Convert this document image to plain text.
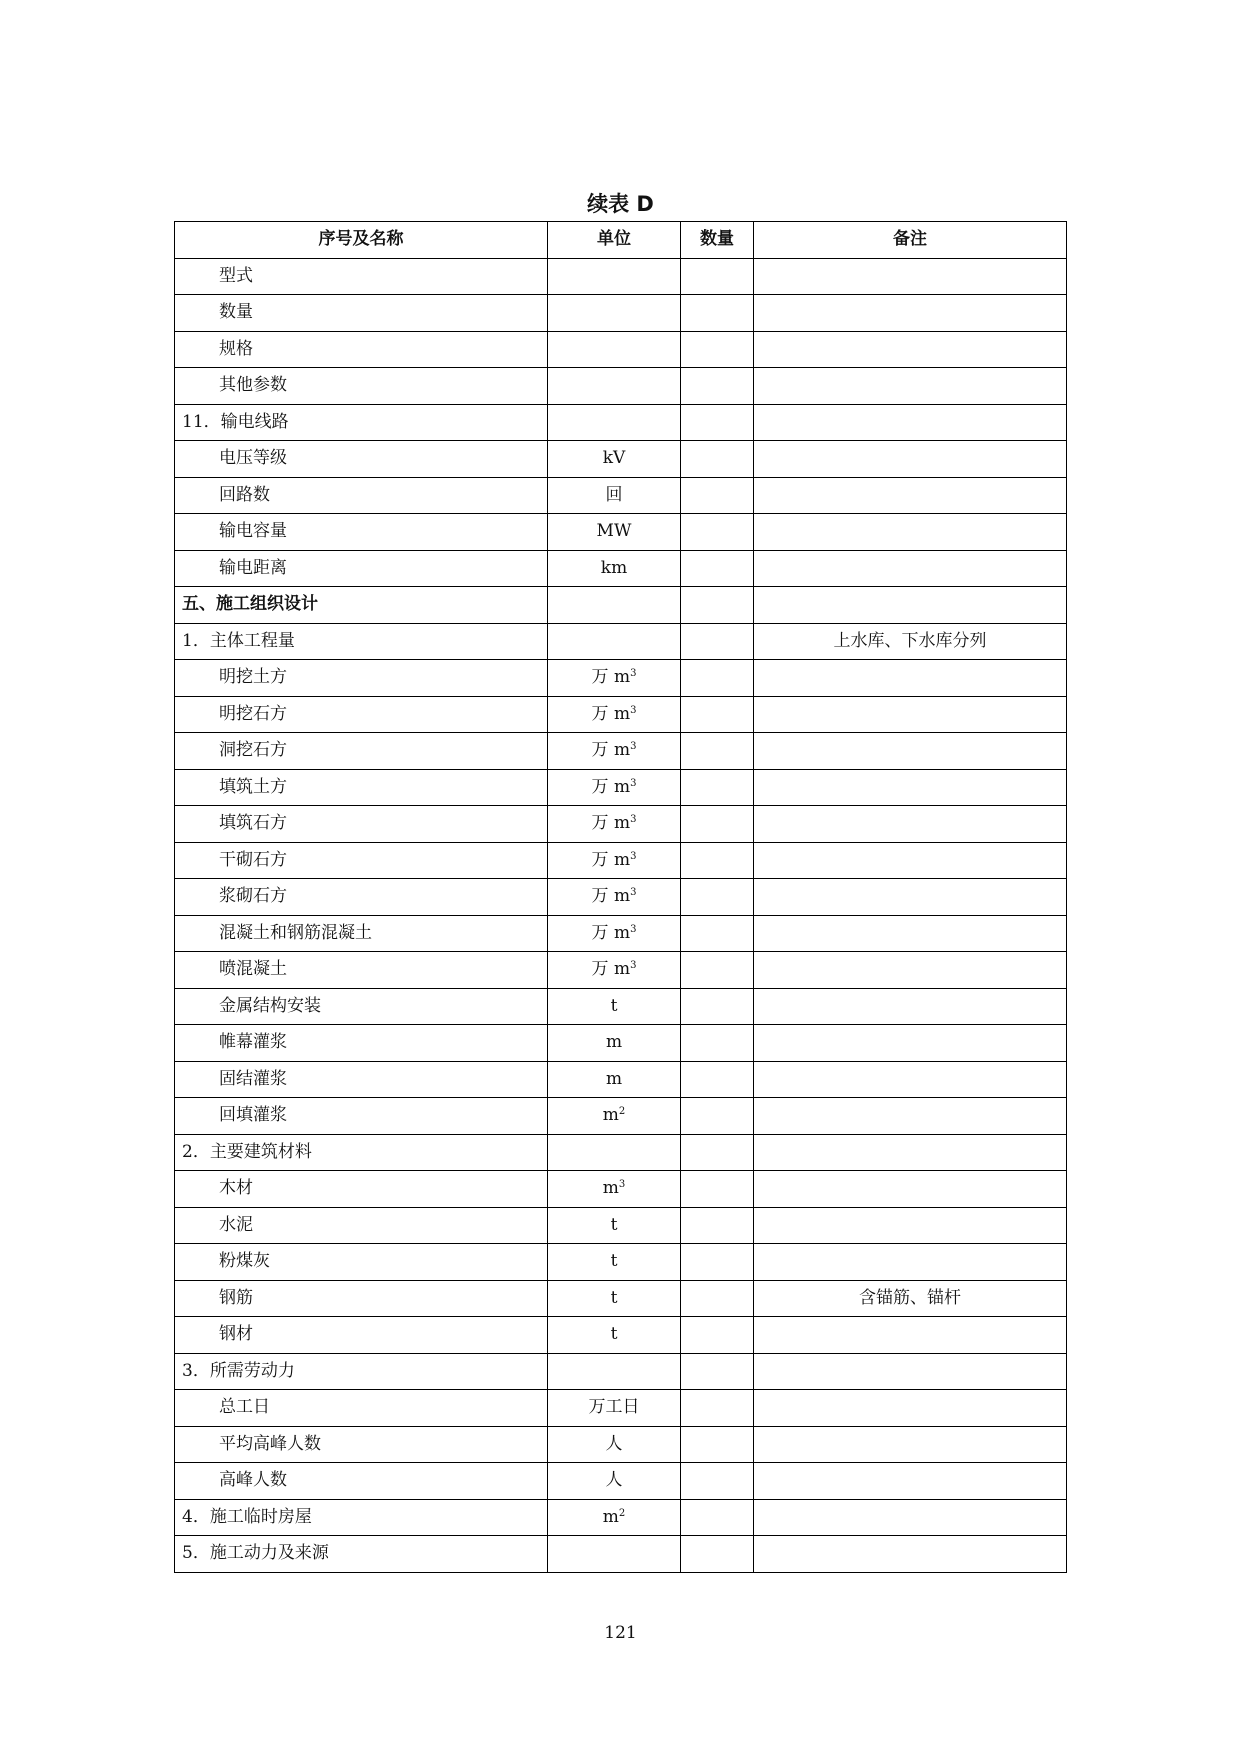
续表 D
序号及名称	单位	数量	备注
型式			
数量			
规格			
其他参数			
11．输电线路			
电压等级	kV		
回路数	回		
输电容量	MW		
输电距离	km		
五、施工组织设计			
1．主体工程量			上水库、下水库分列
明挖土方	万 $m^3$		
明挖石方	万 $m^3$		
洞挖石方	万 $m^3$		
填筑土方	万 $m^3$		
填筑石方	万 $m^3$		
干砌石方	万 $m^3$		
浆砌石方	万 $m^3$		
混凝土和钢筋混凝土	万 $m^3$		
喷混凝土	万 $m^3$		
金属结构安装	t		
帷幕灌浆	m		
固结灌浆	m		
回填灌浆	$m^2$		
2．主要建筑材料			
木材	$m^3$		
水泥	t		
粉煤灰	t		
钢筋	t		含锚筋、锚杆
钢材	t		
3．所需劳动力			
总工日	万工日		
平均高峰人数	人		
高峰人数	人		
4．施工临时房屋	$m^2$		
5．施工动力及来源			
121
